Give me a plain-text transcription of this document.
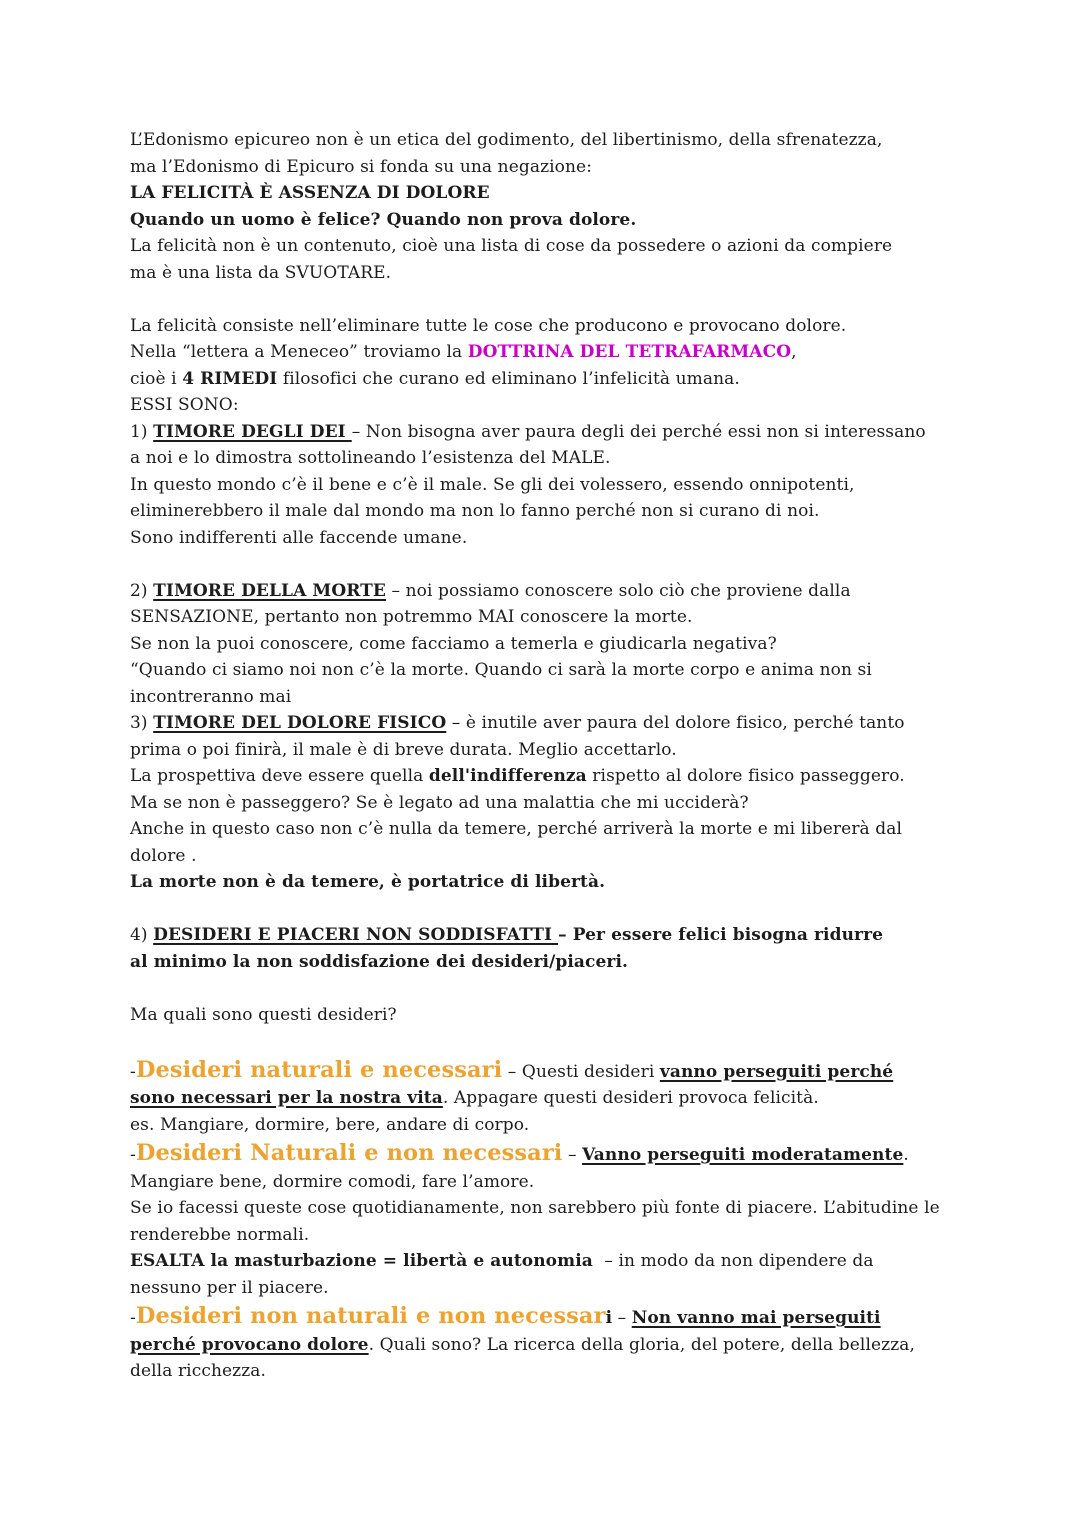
L’Edonismo epicureo non è un etica del godimento, del libertinismo, della sfrenatezza,

ma l’Edonismo di Epicuro si fonda su una negazione:

LA FELICITÀ È ASSENZA DI DOLORE

Quando un uomo è felice? Quando non prova dolore.

La felicità non è un contenuto, cioè una lista di cose da possedere o azioni da compiere

ma è una lista da SVUOTARE.

La felicità consiste nell’eliminare tutte le cose che producono e provocano dolore.

Nella “lettera a Meneceo” troviamo la DOTTRINA DEL TETRAFARMACO,

cioè i 4 RIMEDI filosofici che curano ed eliminano l’infelicità umana.

ESSI SONO:

1) TIMORE DEGLI DEI – Non bisogna aver paura degli dei perché essi non si interessano

a noi e lo dimostra sottolineando l’esistenza del MALE.

In questo mondo c’è il bene e c’è il male. Se gli dei volessero, essendo onnipotenti,

eliminerebbero il male dal mondo ma non lo fanno perché non si curano di noi.

Sono indifferenti alle faccende umane.

2) TIMORE DELLA MORTE – noi possiamo conoscere solo ciò che proviene dalla

SENSAZIONE, pertanto non potremmo MAI conoscere la morte.

Se non la puoi conoscere, come facciamo a temerla e giudicarla negativa?

“Quando ci siamo noi non c’è la morte. Quando ci sarà la morte corpo e anima non si

incontreranno mai

3) TIMORE DEL DOLORE FISICO – è inutile aver paura del dolore fisico, perché tanto

prima o poi finirà, il male è di breve durata. Meglio accettarlo.

La prospettiva deve essere quella dell'indifferenza rispetto al dolore fisico passeggero.

Ma se non è passeggero? Se è legato ad una malattia che mi ucciderà?

Anche in questo caso non c’è nulla da temere, perché arriverà la morte e mi libererà dal

dolore .

La morte non è da temere, è portatrice di libertà.

4) DESIDERI E PIACERI NON SODDISFATTI – Per essere felici bisogna ridurre

al minimo la non soddisfazione dei desideri/piaceri.

Ma quali sono questi desideri?

-Desideri naturali e necessari – Questi desideri vanno perseguiti perché

sono necessari per la nostra vita. Appagare questi desideri provoca felicità.

es. Mangiare, dormire, bere, andare di corpo.

-Desideri Naturali e non necessari – Vanno perseguiti moderatamente.

Mangiare bene, dormire comodi, fare l’amore.

Se io facessi queste cose quotidianamente, non sarebbero più fonte di piacere. L’abitudine le

renderebbe normali.

ESALTA la masturbazione = libertà e autonomia  – in modo da non dipendere da

nessuno per il piacere.

-Desideri non naturali e non necessari – Non vanno mai perseguiti

perché provocano dolore. Quali sono? La ricerca della gloria, del potere, della bellezza,

della ricchezza.
